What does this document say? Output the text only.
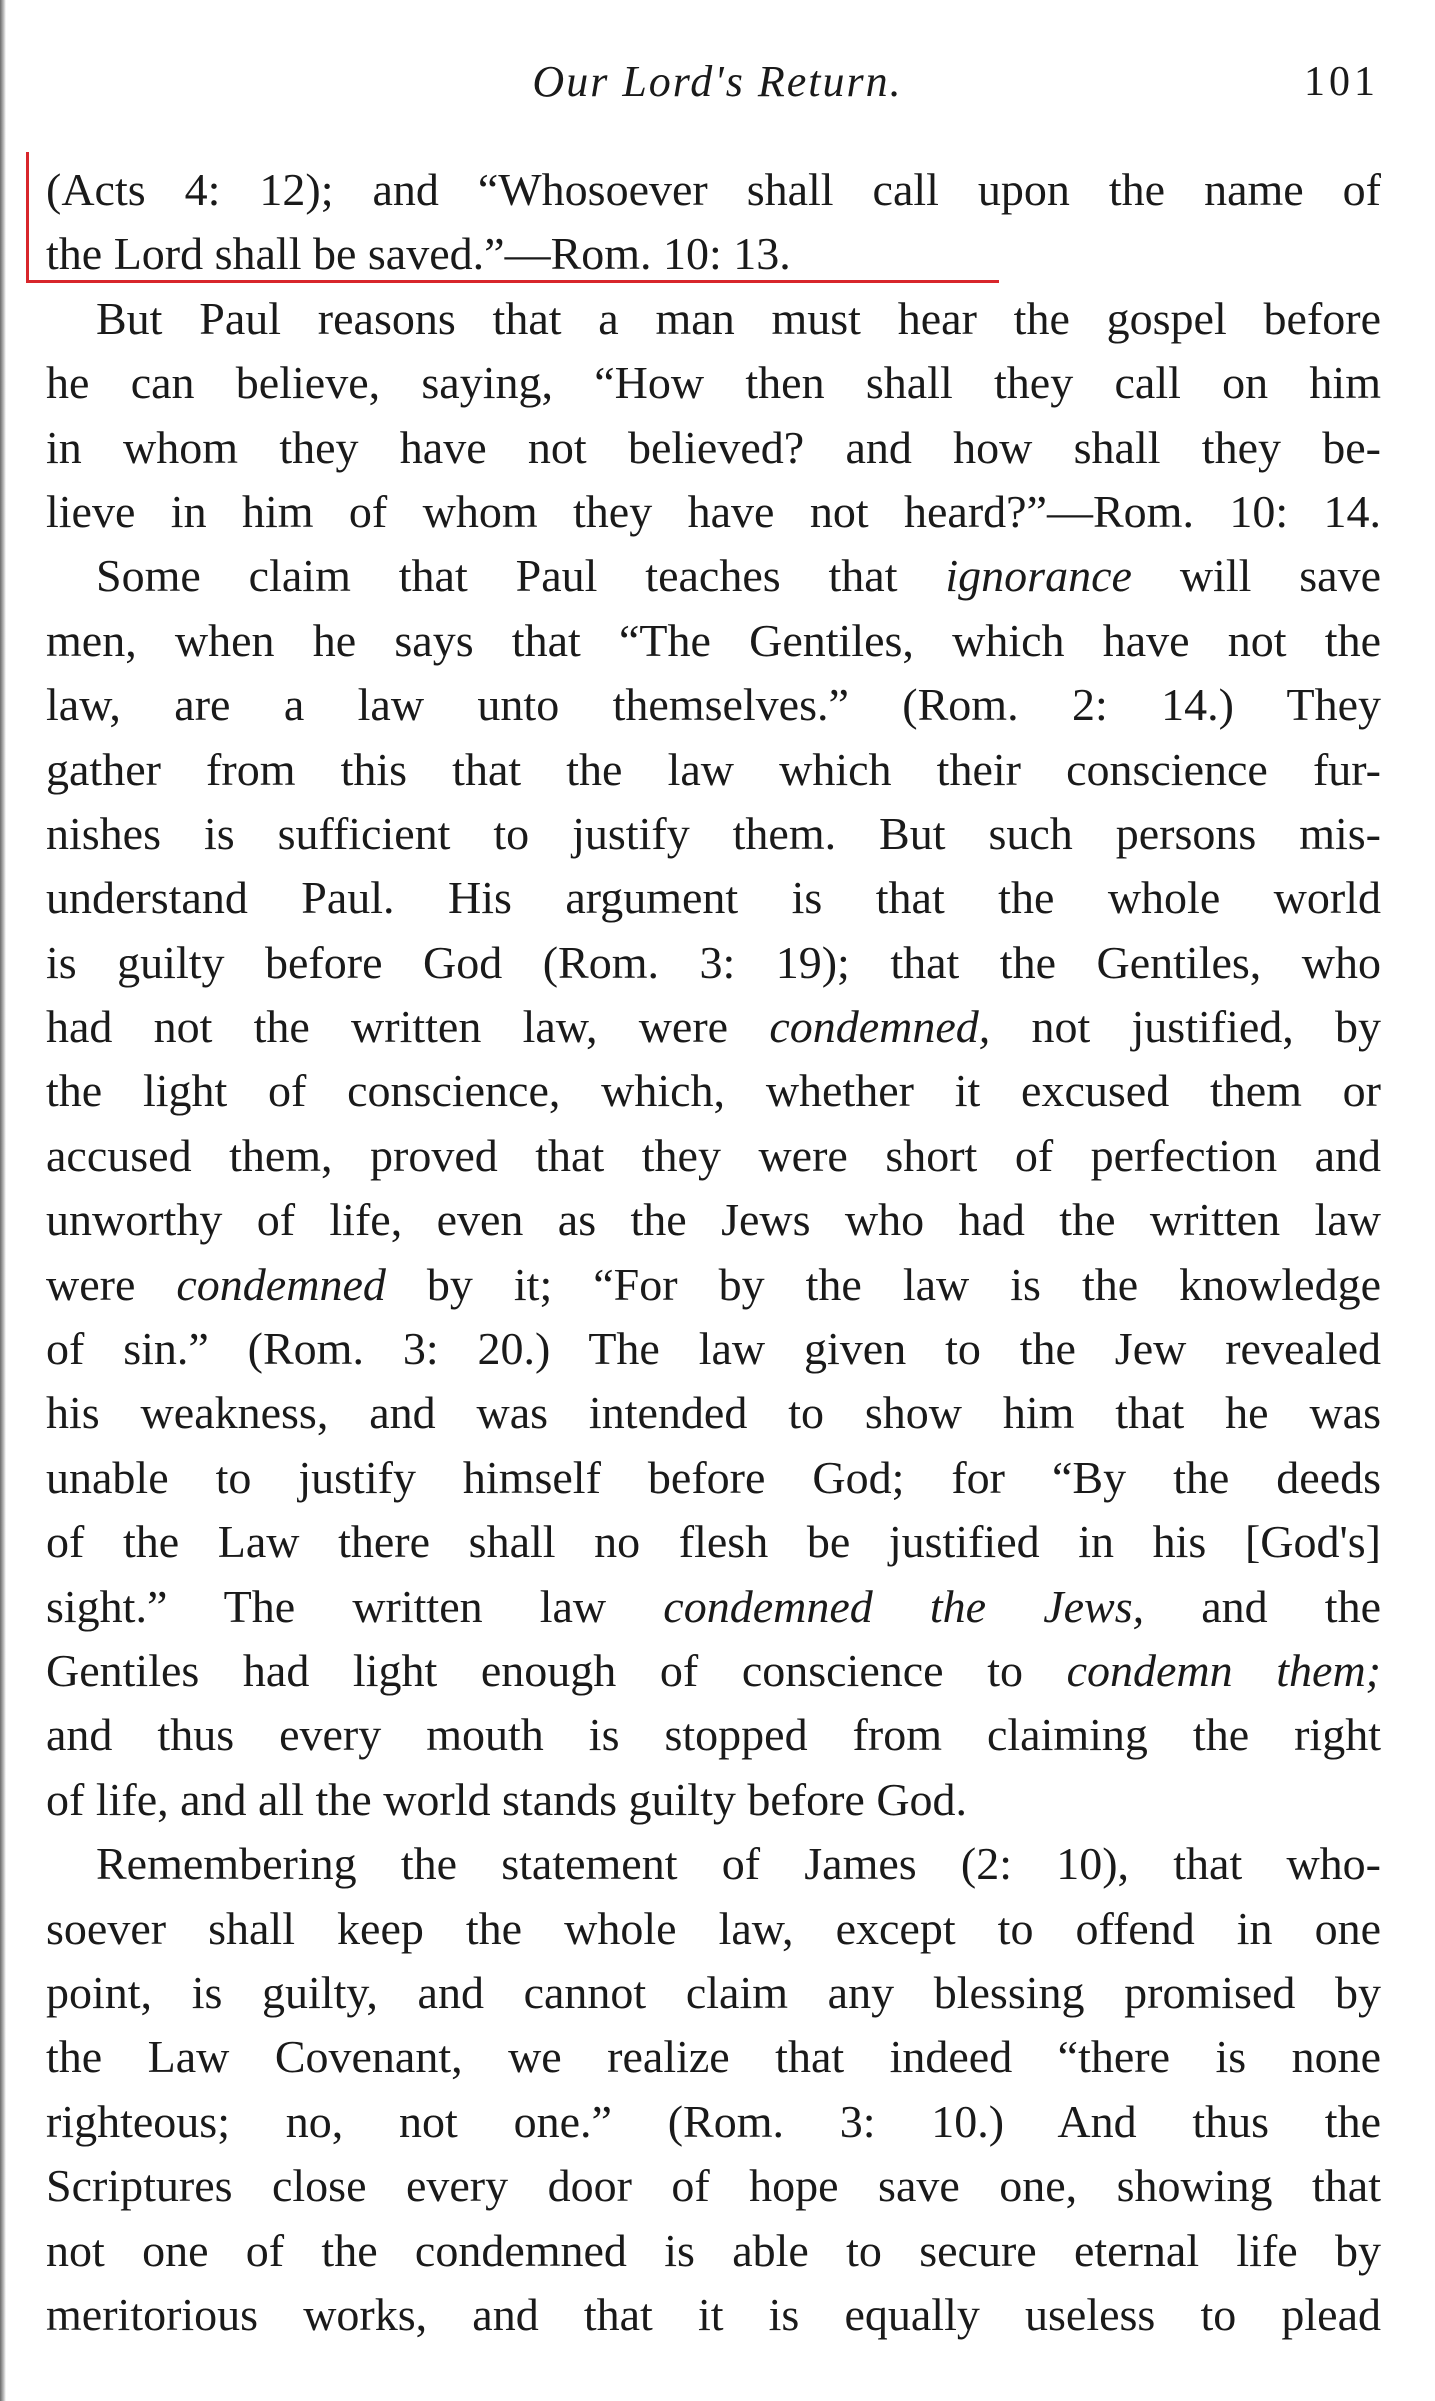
Our Lord's Return.	101
(Acts 4: 12); and “Whosoever shall call upon the name of
the Lord shall be saved.”—Rom. 10: 13.
But Paul reasons that a man must hear the gospel before
he can believe, saying, “How then shall they call on him
in whom they have not believed? and how shall they be-
lieve in him of whom they have not heard?”—Rom. 10: 14.
Some claim that Paul teaches that ignorance will save
men, when he says that “The Gentiles, which have not the
law, are a law unto themselves.” (Rom. 2: 14.) They
gather from this that the law which their conscience fur-
nishes is sufficient to justify them. But such persons mis-
understand Paul. His argument is that the whole world
is guilty before God (Rom. 3: 19); that the Gentiles, who
had not the written law, were condemned, not justified, by
the light of conscience, which, whether it excused them or
accused them, proved that they were short of perfection and
unworthy of life, even as the Jews who had the written law
were condemned by it; “For by the law is the knowledge
of sin.” (Rom. 3: 20.) The law given to the Jew revealed
his weakness, and was intended to show him that he was
unable to justify himself before God; for “By the deeds
of the Law there shall no flesh be justified in his [God's]
sight.” The written law condemned the Jews, and the
Gentiles had light enough of conscience to condemn them;
and thus every mouth is stopped from claiming the right
of life, and all the world stands guilty before God.
Remembering the statement of James (2: 10), that who-
soever shall keep the whole law, except to offend in one
point, is guilty, and cannot claim any blessing promised by
the Law Covenant, we realize that indeed “there is none
righteous; no, not one.” (Rom. 3: 10.) And thus the
Scriptures close every door of hope save one, showing that
not one of the condemned is able to secure eternal life by
meritorious works, and that it is equally useless to plead
